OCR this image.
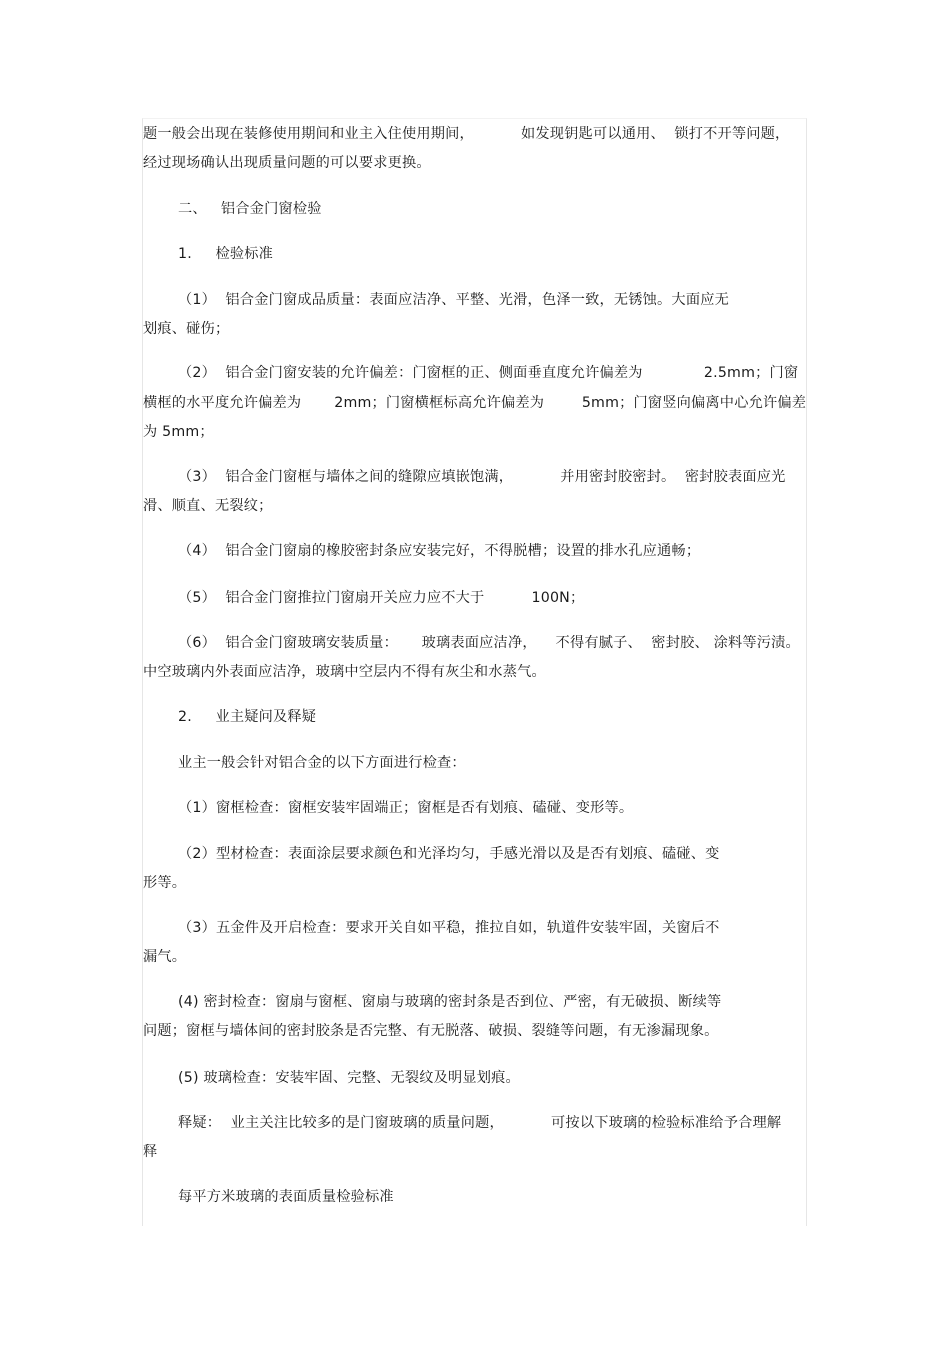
题一般会出现在装修使用期间和业主入住使用期间，          如发现钥匙可以通用、  锁打不开等问题，
经过现场确认出现质量问题的可以要求更换。
二、   铝合金门窗检验
1.     检验标准
（1）  铝合金门窗成品质量：表面应洁净、平整、光滑，色泽一致，无锈蚀。大面应无
划痕、碰伤；
（2）  铝合金门窗安装的允许偏差：门窗框的正、侧面垂直度允许偏差为             2.5mm；门窗
横框的水平度允许偏差为       2mm；门窗横框标高允许偏差为        5mm；门窗竖向偏离中心允许偏差
为 5mm；
（3）  铝合金门窗框与墙体之间的缝隙应填嵌饱满，          并用密封胶密封。  密封胶表面应光
滑、顺直、无裂纹；
（4）  铝合金门窗扇的橡胶密封条应安装完好，不得脱槽；设置的排水孔应通畅；
（5）  铝合金门窗推拉门窗扇开关应力应不大于          100N；
（6）  铝合金门窗玻璃安装质量：     玻璃表面应洁净，    不得有腻子、  密封胶、 涂料等污渍。
中空玻璃内外表面应洁净，玻璃中空层内不得有灰尘和水蒸气。
2.     业主疑问及释疑
业主一般会针对铝合金的以下方面进行检查：
（1）窗框检查：窗框安装牢固端正；窗框是否有划痕、磕碰、变形等。
（2）型材检查：表面涂层要求颜色和光泽均匀，手感光滑以及是否有划痕、磕碰、变
形等。
（3）五金件及开启检查：要求开关自如平稳，推拉自如，轨道件安装牢固，关窗后不
漏气。
(4) 密封检查：窗扇与窗框、窗扇与玻璃的密封条是否到位、严密，有无破损、断续等
问题；窗框与墙体间的密封胶条是否完整、有无脱落、破损、裂缝等问题，有无渗漏现象。
(5) 玻璃检查：安装牢固、完整、无裂纹及明显划痕。
释疑：  业主关注比较多的是门窗玻璃的质量问题，          可按以下玻璃的检验标准给予合理解
释
每平方米玻璃的表面质量检验标准
